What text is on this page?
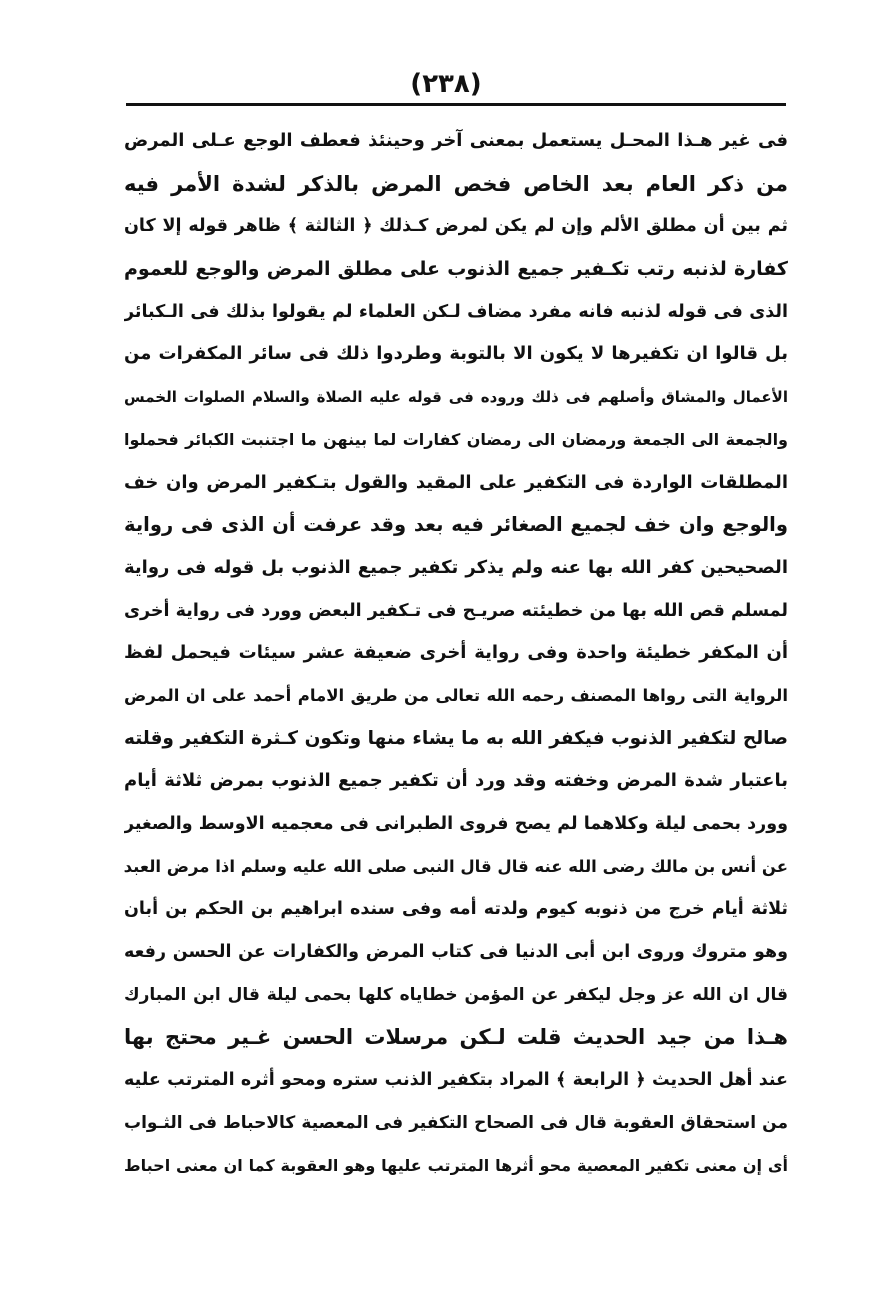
(٢٣٨)
فى غير هـذا المحـل يستعمل بمعنى آخر وحينئذ فعطف الوجع عـلى المرض
من ذكر العام بعد الخاص فخص المرض بالذكر لشدة الأمر فيه
ثم بين أن مطلق الألم وإن لم يكن لمرض كـذلك ﴿ الثالثة ﴾ ظاهر قوله إلا كان
كفارة لذنبه رتب تكـفير جميع الذنوب على مطلق المرض والوجع للعموم
الذى فى قوله لذنبه فانه مفرد مضاف لـكن العلماء لم يقولوا بذلك فى الـكبائر
بل قالوا ان تكفيرها لا يكون الا بالتوبة وطردوا ذلك فى سائر المكفرات من
الأعمال والمشاق وأصلهم فى ذلك وروده فى قوله عليه الصلاة والسلام الصلوات الخمس
والجمعة الى الجمعة ورمضان الى رمضان كفارات لما بينهن ما اجتنبت الكبائر فحملوا
المطلقات الواردة فى التكفير على المقيد والقول بتـكفير المرض وان خف
والوجع وان خف لجميع الصغائر فيه بعد وقد عرفت أن الذى فى رواية
الصحيحين كفر الله بها عنه ولم يذكر تكفير جميع الذنوب بل قوله فى رواية
لمسلم قص الله بها من خطيئته صريـح فى تـكفير البعض وورد فى رواية أخرى
أن المكفر خطيئة واحدة وفى رواية أخرى ضعيفة عشر سيئات فيحمل لفظ
الرواية التى رواها المصنف رحمه الله تعالى من طريق الامام أحمد على ان المرض
صالح لتكفير الذنوب فيكفر الله به ما يشاء منها وتكون كـثرة التكفير وقلته
باعتبار شدة المرض وخفته وقد ورد أن تكفير جميع الذنوب بمرض ثلاثة أيام
وورد بحمى ليلة وكلاهما لم يصح فروى الطبرانى فى معجميه الاوسط والصغير
عن أنس بن مالك رضى الله عنه قال قال النبى صلى الله عليه وسلم اذا مرض العبد
ثلاثة أيام خرج من ذنوبه كيوم ولدته أمه وفى سنده ابراهيم بن الحكم بن أبان
وهو متروك وروى ابن أبى الدنيا فى كتاب المرض والكفارات عن الحسن رفعه
قال ان الله عز وجل ليكفر عن المؤمن خطاياه كلها بحمى ليلة قال ابن المبارك
هـذا من جيد الحديث قلت لـكن مرسلات الحسن غـير محتج بها
عند أهل الحديث ﴿ الرابعة ﴾ المراد بتكفير الذنب ستره ومحو أثره المترتب عليه
من استحقاق العقوبة قال فى الصحاح التكفير فى المعصية كالاحباط فى الثـواب
أى إن معنى تكفير المعصية محو أثرها المترتب عليها وهو العقوبة كما ان معنى احباط
